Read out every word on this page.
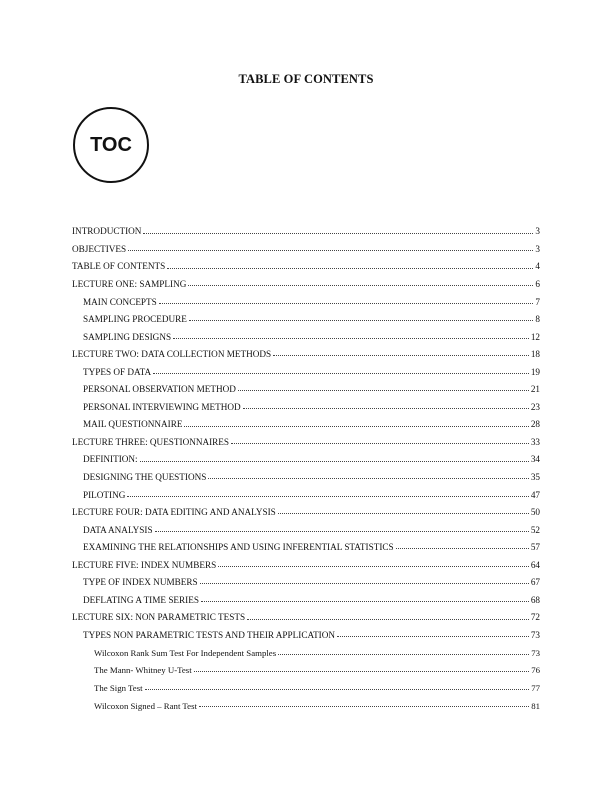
TABLE OF CONTENTS
TOC
INTRODUCTION	3
OBJECTIVES	3
TABLE OF CONTENTS	4
LECTURE ONE: SAMPLING	6
MAIN CONCEPTS	7
SAMPLING PROCEDURE	8
SAMPLING DESIGNS	12
LECTURE TWO: DATA COLLECTION METHODS	18
TYPES OF DATA	19
PERSONAL OBSERVATION METHOD	21
PERSONAL INTERVIEWING METHOD	23
MAIL QUESTIONNAIRE	28
LECTURE THREE: QUESTIONNAIRES	33
DEFINITION:	34
DESIGNING THE QUESTIONS	35
PILOTING	47
LECTURE FOUR: DATA EDITING AND ANALYSIS	50
DATA ANALYSIS	52
EXAMINING THE RELATIONSHIPS AND USING INFERENTIAL STATISTICS	57
LECTURE FIVE: INDEX NUMBERS	64
TYPE OF INDEX NUMBERS	67
DEFLATING A TIME SERIES	68
LECTURE SIX: NON PARAMETRIC TESTS	72
TYPES NON PARAMETRIC TESTS AND THEIR APPLICATION	73
Wilcoxon Rank Sum Test For Independent Samples	73
The Mann- Whitney U-Test	76
The Sign Test	77
Wilcoxon Signed – Rant Test	81
